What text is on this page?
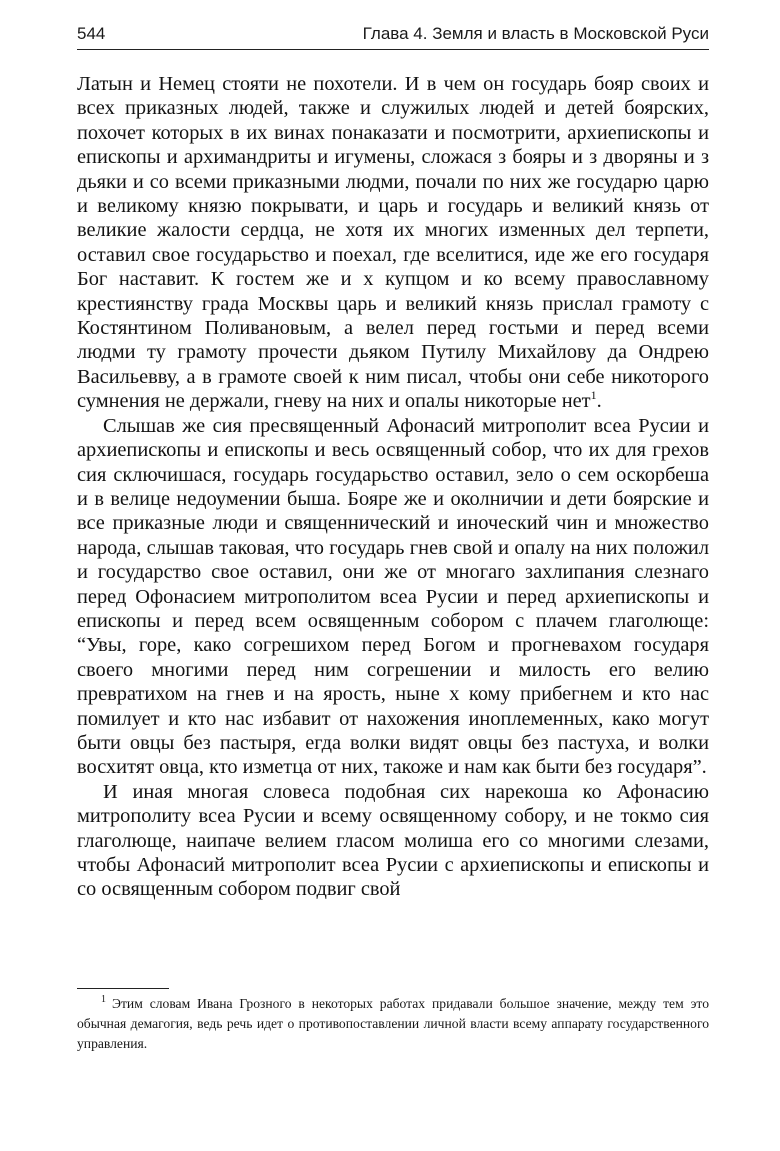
544	Глава 4. Земля и власть в Московской Руси

Латын и Немец стояти не похотели. И в чем он государь бояр своих и всех приказных людей, также и служилых людей и детей боярских, похочет которых в их винах понаказати и посмотрити, архиепископы и епископы и архимандриты и игумены, сложася з бояры и з дворяны и з дьяки и со всеми приказными людми, почали по них же государю царю и великому князю покрывати, и царь и государь и великий князь от великие жалости сердца, не хотя их многих изменных дел терпети, оставил свое государьство и поехал, где вселитися, иде же его государя Бог наставит. К гостем же и х купцом и ко всему православному крестиянству града Москвы царь и великий князь прислал грамоту с Костянтином Поливановым, а велел перед гостьми и перед всеми людми ту грамоту прочести дьяком Путилу Михайлову да Ондрею Васильевву, а в грамоте своей к ним писал, чтобы они себе никоторого сумнения не держали, гневу на них и опалы никоторые нет$^1$.

Слышав же сия пресвященный Афонасий митрополит всеа Русии и архиепископы и епископы и весь освященный собор, что их для грехов сия сключишася, государь государьство оставил, зело о сем оскорбеша и в велице недоумении быша. Бояре же и околничии и дети боярские и все приказные люди и священнический и иноческий чин и множество народа, слышав таковая, что государь гнев свой и опалу на них положил и государство свое оставил, они же от многаго захлипания слезнаго перед Офонасием митрополитом всеа Русии и перед архиепископы и епископы и перед всем освященным собором с плачем глаголюще: “Увы, горе, како согрешихом перед Богом и прогневахом государя своего многими перед ним согрешении и милость его велию превратихом на гнев и на ярость, ныне х кому прибегнем и кто нас помилует и кто нас избавит от нахожения иноплеменных, како могут быти овцы без пастыря, егда волки видят овцы без пастуха, и волки восхитят овца, кто изметца от них, такоже и нам как быти без государя”.

И иная многая словеса подобная сих нарекоша ко Афонасию митрополиту всеа Русии и всему освященному собору, и не токмо сия глаголюще, наипаче велием гласом молиша его со многими слезами, чтобы Афонасий митрополит всеа Русии с архиепископы и епископы и со освященным собором подвиг свой

$^1$ Этим словам Ивана Грозного в некоторых работах придавали большое значение, между тем это обычная демагогия, ведь речь идет о противопоставлении личной власти всему аппарату государственного управления.
